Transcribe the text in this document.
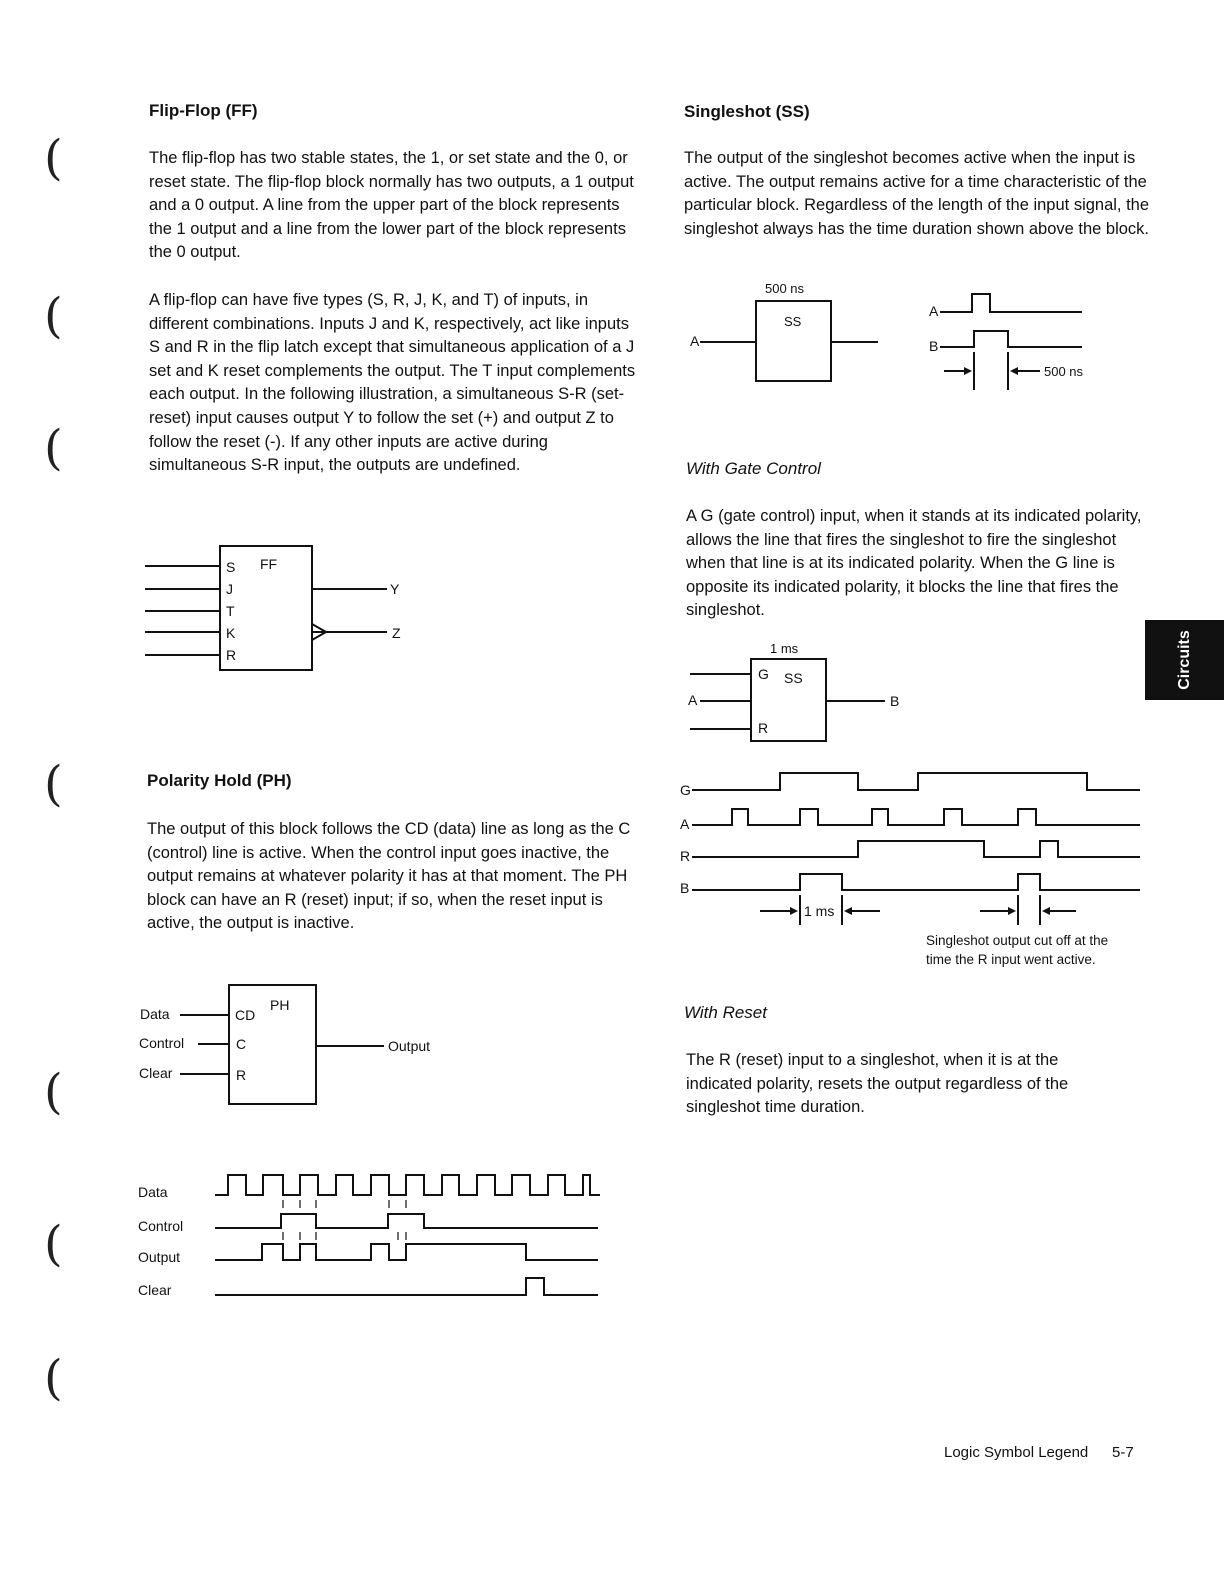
(
(
(
(
(
(
(
Flip-Flop (FF)

The flip-flop has two stable states, the 1, or set state and the 0, or reset state. The flip-flop block normally has two outputs, a 1 output and a 0 output. A line from the upper part of the block represents the 1 output and a line from the lower part of the block represents the 0 output.

A flip-flop can have five types (S, R, J, K, and T) of inputs, in different combinations. Inputs J and K, respectively, act like inputs S and R in the flip latch except that simultaneous application of a J set and K reset complements the output. The T input complements each output. In the following illustration, a simultaneous S-R (set-reset) input causes output Y to follow the set (+) and output Z to follow the reset (-). If any other inputs are active during simultaneous S-R input, the outputs are undefined.

FF
S
J
T
K
R
Y
Z
Polarity Hold (PH)

The output of this block follows the CD (data) line as long as the C (control) line is active. When the control input goes inactive, the output remains at whatever polarity it has at that moment. The PH block can have an R (reset) input; if so, when the reset input is active, the output is inactive.

Data
Control
Clear
CD
C
R
PH
Output
Data
Control
Output
Clear
Singleshot (SS)

The output of the singleshot becomes active when the input is active. The output remains active for a time characteristic of the particular block. Regardless of the length of the input signal, the singleshot always has the time duration shown above the block.

500 ns
SS
A
A
B
500 ns
With Gate Control

A G (gate control) input, when it stands at its indicated polarity, allows the line that fires the singleshot to fire the singleshot when that line is at its indicated polarity. When the G line is opposite its indicated polarity, it blocks the line that fires the singleshot.

1 ms
G SS
R
A	B
G
A
R
B
1 ms
Singleshot output cut off at the
time the R input went active.
With Reset

The R (reset) input to a singleshot, when it is at the indicated polarity, resets the output regardless of the singleshot time duration.

Circuits
Logic Symbol Legend 5-7
